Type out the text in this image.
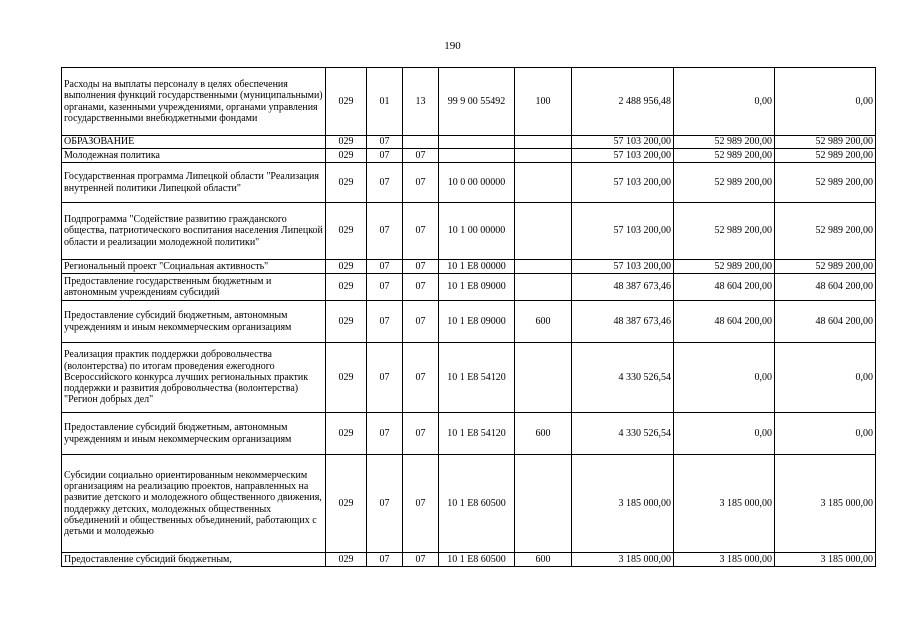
190
Расходы на выплаты персоналу в целях обеспечения выполнения функций государственными (муниципальными) органами, казенными учреждениями, органами управления государственными внебюджетными фондами	029	01	13	99 9 00 55492	100	2 488 956,48	0,00	0,00
ОБРАЗОВАНИЕ	029	07				57 103 200,00	52 989 200,00	52 989 200,00
Молодежная политика	029	07	07			57 103 200,00	52 989 200,00	52 989 200,00
Государственная программа Липецкой области "Реализация внутренней политики Липецкой области"	029	07	07	10 0 00 00000		57 103 200,00	52 989 200,00	52 989 200,00
Подпрограмма "Содействие развитию гражданского общества, патриотического воспитания населения Липецкой области и реализации молодежной политики"	029	07	07	10 1 00 00000		57 103 200,00	52 989 200,00	52 989 200,00
Региональный проект "Социальная активность"	029	07	07	10 1 E8 00000		57 103 200,00	52 989 200,00	52 989 200,00
Предоставление государственным бюджетным и автономным учреждениям субсидий	029	07	07	10 1 E8 09000		48 387 673,46	48 604 200,00	48 604 200,00
Предоставление субсидий бюджетным, автономным учреждениям и иным некоммерческим организациям	029	07	07	10 1 E8 09000	600	48 387 673,46	48 604 200,00	48 604 200,00
Реализация практик поддержки добровольчества (волонтерства) по итогам проведения ежегодного Всероссийского конкурса лучших региональных практик поддержки и развития добровольчества (волонтерства) "Регион добрых дел"	029	07	07	10 1 E8 54120		4 330 526,54	0,00	0,00
Предоставление субсидий бюджетным, автономным учреждениям и иным некоммерческим организациям	029	07	07	10 1 E8 54120	600	4 330 526,54	0,00	0,00
Субсидии социально ориентированным некоммерческим организациям на реализацию проектов, направленных на развитие детского и молодежного общественного движения, поддержку детских, молодежных общественных объединений и общественных объединений, работающих с детьми и молодежью	029	07	07	10 1 E8 60500		3 185 000,00	3 185 000,00	3 185 000,00
Предоставление субсидий бюджетным,	029	07	07	10 1 E8 60500	600	3 185 000,00	3 185 000,00	3 185 000,00
